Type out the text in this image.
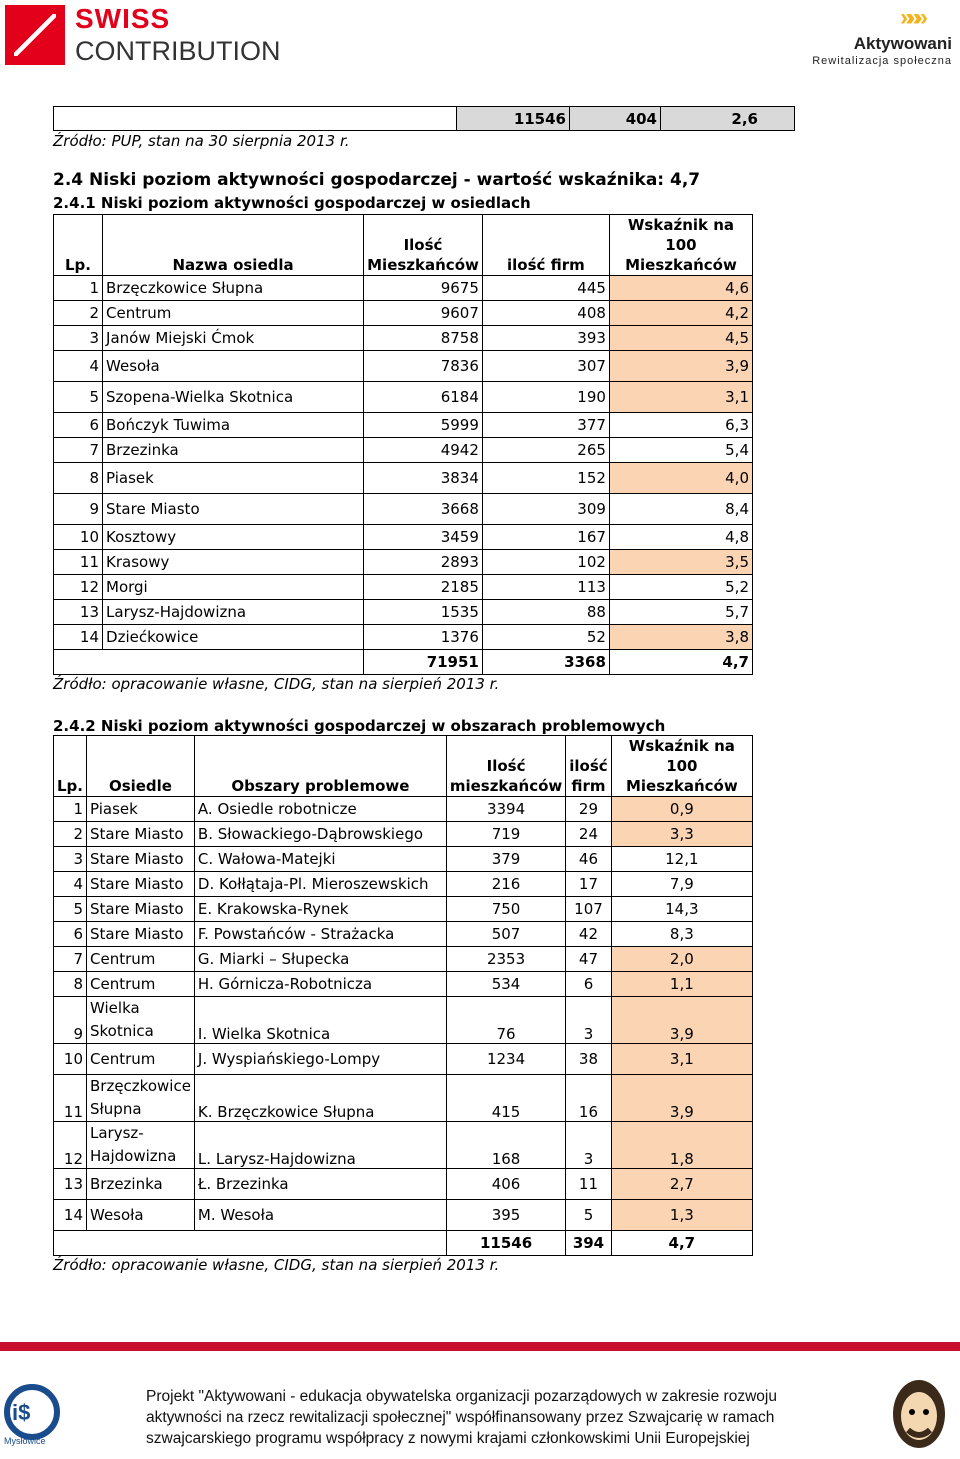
SWISS
CONTRIBUTION
»»»
Aktywowani
Rewitalizacja społeczna
	11546	404	2,6
Źródło: PUP, stan na 30 sierpnia 2013 r.
2.4 Niski poziom aktywności gospodarczej - wartość wskaźnika: 4,7
2.4.1 Niski poziom aktywności gospodarczej w osiedlach
Lp.	Nazwa osiedla	Ilość Mieszkańców	ilość firm	Wskaźnik na 100 Mieszkańców
1	Brzęczkowice Słupna	9675	445	4,6
2	Centrum	9607	408	4,2
3	Janów Miejski Ćmok	8758	393	4,5
4	Wesoła	7836	307	3,9
5	Szopena-Wielka Skotnica	6184	190	3,1
6	Bończyk Tuwima	5999	377	6,3
7	Brzezinka	4942	265	5,4
8	Piasek	3834	152	4,0
9	Stare Miasto	3668	309	8,4
10	Kosztowy	3459	167	4,8
11	Krasowy	2893	102	3,5
12	Morgi	2185	113	5,2
13	Larysz-Hajdowizna	1535	88	5,7
14	Dziećkowice	1376	52	3,8
		71951	3368	4,7
Źródło: opracowanie własne, CIDG, stan na sierpień 2013 r.
2.4.2 Niski poziom aktywności gospodarczej w obszarach problemowych
Lp.	Osiedle	Obszary problemowe	Ilość mieszkańców	ilość firm	Wskaźnik na 100 Mieszkańców
1	Piasek	A. Osiedle robotnicze	3394	29	0,9
2	Stare Miasto	B. Słowackiego-Dąbrowskiego	719	24	3,3
3	Stare Miasto	C. Wałowa-Matejki	379	46	12,1
4	Stare Miasto	D. Kołłątaja-Pl. Mieroszewskich	216	17	7,9
5	Stare Miasto	E. Krakowska-Rynek	750	107	14,3
6	Stare Miasto	F. Powstańców - Strażacka	507	42	8,3
7	Centrum	G. Miarki – Słupecka	2353	47	2,0
8	Centrum	H. Górnicza-Robotnicza	534	6	1,1
9	Wielka Skotnica	I. Wielka Skotnica	76	3	3,9
10	Centrum	J. Wyspiańskiego-Lompy	1234	38	3,1
11	Brzęczkowice Słupna	K. Brzęczkowice Słupna	415	16	3,9
12	Larysz-Hajdowizna	L. Larysz-Hajdowizna	168	3	1,8
13	Brzezinka	Ł. Brzezinka	406	11	2,7
14	Wesoła	M. Wesoła	395	5	1,3
			11546	394	4,7
Źródło: opracowanie własne, CIDG, stan na sierpień 2013 r.
i$
Mysłowice
Projekt "Aktywowani - edukacja obywatelska organizacji pozarządowych w zakresie rozwoju
aktywności na rzecz rewitalizacji społecznej" współfinansowany przez Szwajcarię w ramach
szwajcarskiego programu współpracy z nowymi krajami członkowskimi Unii Europejskiej
